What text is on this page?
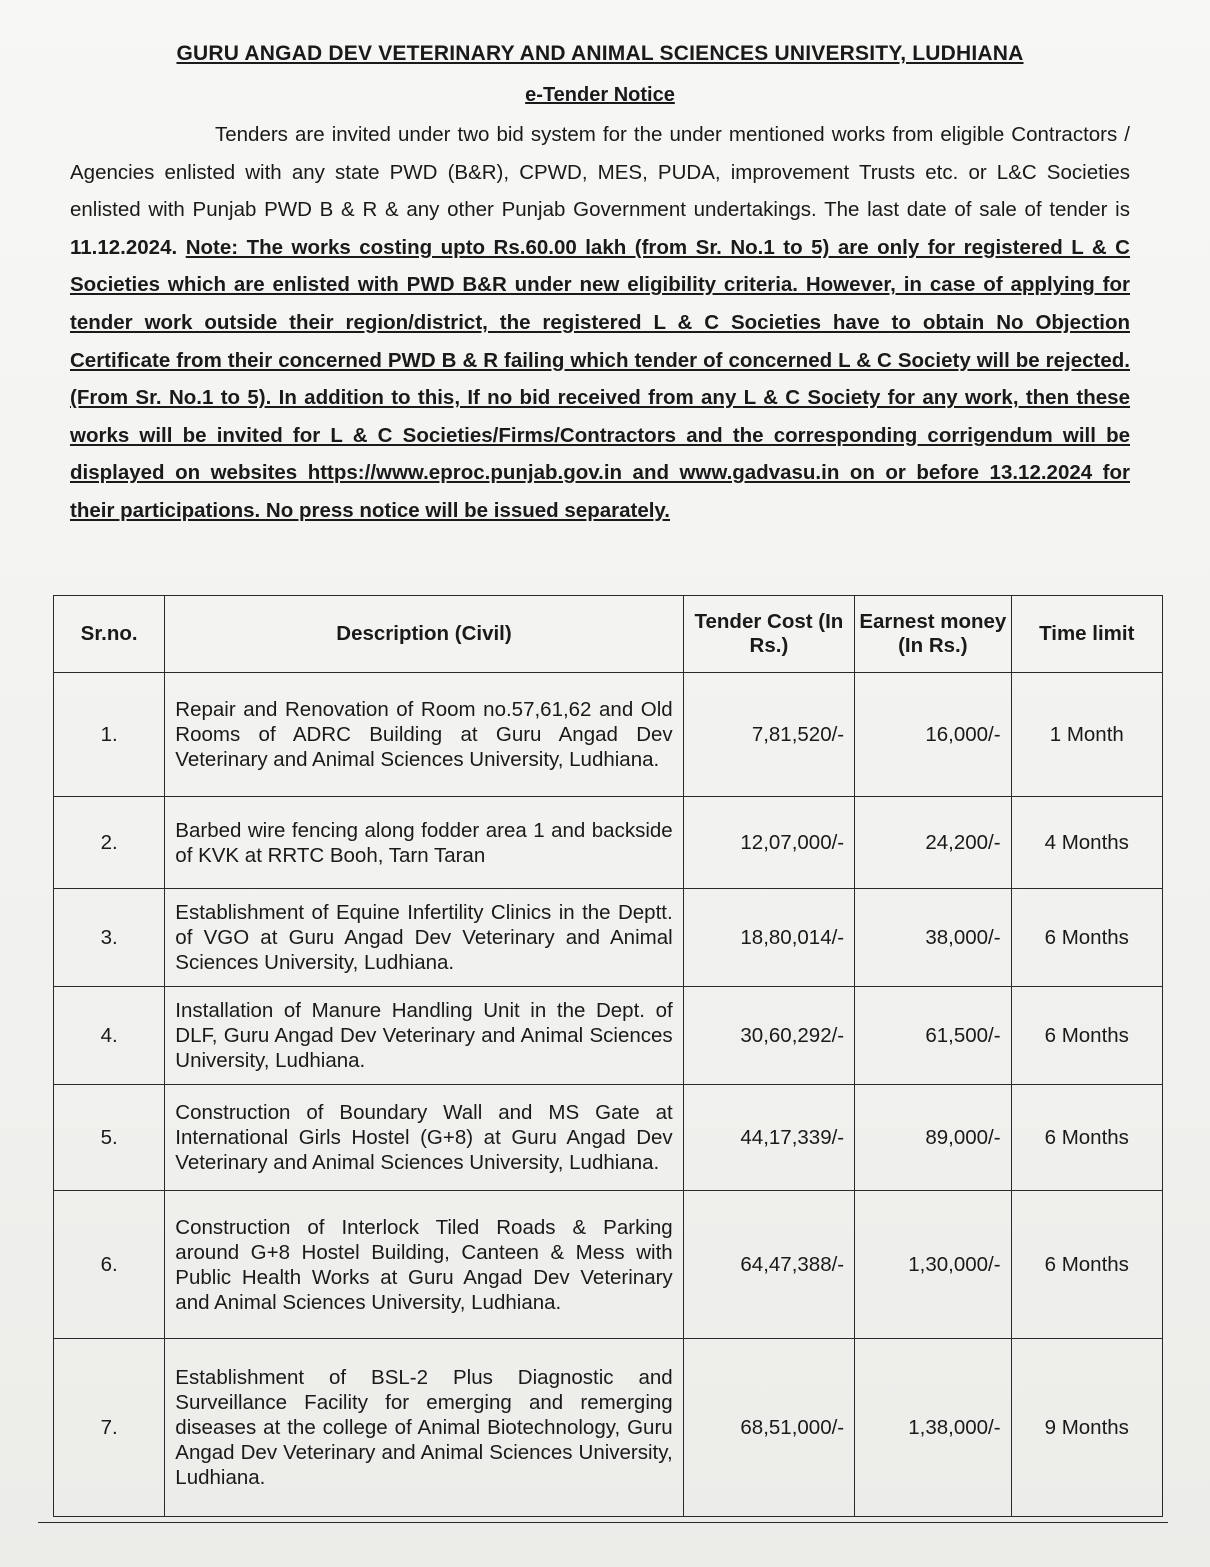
GURU ANGAD DEV VETERINARY AND ANIMAL SCIENCES UNIVERSITY, LUDHIANA
e-Tender Notice
Tenders are invited under two bid system for the under mentioned works from eligible Contractors / Agencies enlisted with any state PWD (B&R), CPWD, MES, PUDA, improvement Trusts etc. or L&C Societies enlisted with Punjab PWD B & R & any other Punjab Government undertakings. The last date of sale of tender is 11.12.2024. Note: The works costing upto Rs.60.00 lakh (from Sr. No.1 to 5) are only for registered L & C Societies which are enlisted with PWD B&R under new eligibility criteria. However, in case of applying for tender work outside their region/district, the registered L & C Societies have to obtain No Objection Certificate from their concerned PWD B & R failing which tender of concerned L & C Society will be rejected. (From Sr. No.1 to 5). In addition to this, If no bid received from any L & C Society for any work, then these works will be invited for L & C Societies/Firms/Contractors and the corresponding corrigendum will be displayed on websites https://www.eproc.punjab.gov.in and www.gadvasu.in on or before 13.12.2024 for their participations. No press notice will be issued separately.
Sr.no.	Description (Civil)	Tender Cost (In Rs.)	Earnest money (In Rs.)	Time limit
1.	Repair and Renovation of Room no.57,61,62 and Old Rooms of ADRC Building at Guru Angad Dev Veterinary and Animal Sciences University, Ludhiana.	7,81,520/-	16,000/-	1 Month
2.	Barbed wire fencing along fodder area 1 and backside of KVK at RRTC Booh, Tarn Taran	12,07,000/-	24,200/-	4 Months
3.	Establishment of Equine Infertility Clinics in the Deptt. of VGO at Guru Angad Dev Veterinary and Animal Sciences University, Ludhiana.	18,80,014/-	38,000/-	6 Months
4.	Installation of Manure Handling Unit in the Dept. of DLF, Guru Angad Dev Veterinary and Animal Sciences University, Ludhiana.	30,60,292/-	61,500/-	6 Months
5.	Construction of Boundary Wall and MS Gate at International Girls Hostel (G+8) at Guru Angad Dev Veterinary and Animal Sciences University, Ludhiana.	44,17,339/-	89,000/-	6 Months
6.	Construction of Interlock Tiled Roads & Parking around G+8 Hostel Building, Canteen & Mess with Public Health Works at Guru Angad Dev Veterinary and Animal Sciences University, Ludhiana.	64,47,388/-	1,30,000/-	6 Months
7.	Establishment of BSL-2 Plus Diagnostic and Surveillance Facility for emerging and remerging diseases at the college of Animal Biotechnology, Guru Angad Dev Veterinary and Animal Sciences University, Ludhiana.	68,51,000/-	1,38,000/-	9 Months
